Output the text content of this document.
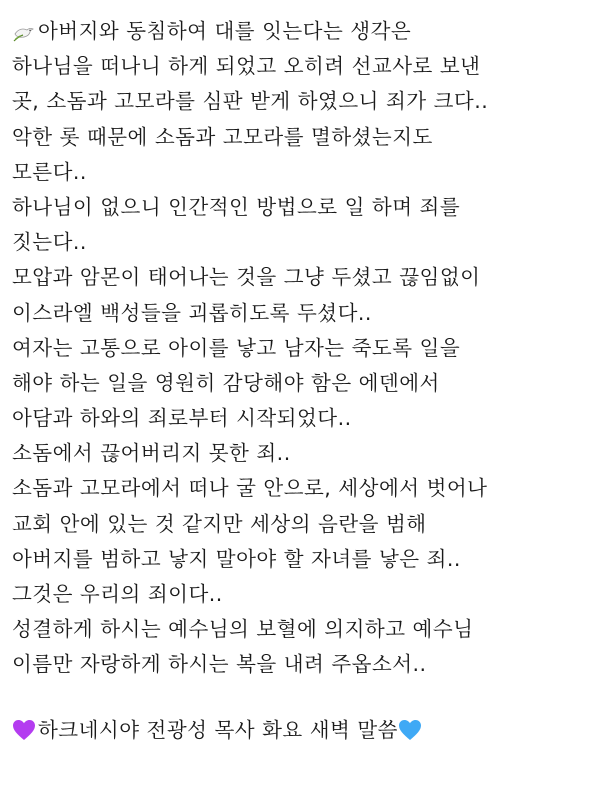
아버지와 동침하여 대를 잇는다는 생각은
하나님을 떠나니 하게 되었고 오히려 선교사로 보낸
곳, 소돔과 고모라를 심판 받게 하였으니 죄가 크다..
악한 롯 때문에 소돔과 고모라를 멸하셨는지도
모른다..
하나님이 없으니 인간적인 방법으로 일 하며 죄를
짓는다..
모압과 암몬이 태어나는 것을 그냥 두셨고 끊임없이
이스라엘 백성들을 괴롭히도록 두셨다..
여자는 고통으로 아이를 낳고 남자는 죽도록 일을
해야 하는 일을 영원히 감당해야 함은 에덴에서
아담과 하와의 죄로부터 시작되었다..
소돔에서 끊어버리지 못한 죄..
소돔과 고모라에서 떠나 굴 안으로, 세상에서 벗어나
교회 안에 있는 것 같지만 세상의 음란을 범해
아버지를 범하고 낳지 말아야 할 자녀를 낳은 죄..
그것은 우리의 죄이다..
성결하게 하시는 예수님의 보혈에 의지하고 예수님
이름만 자랑하게 하시는 복을 내려 주옵소서..
하크네시야 전광성 목사 화요 새벽 말씀
